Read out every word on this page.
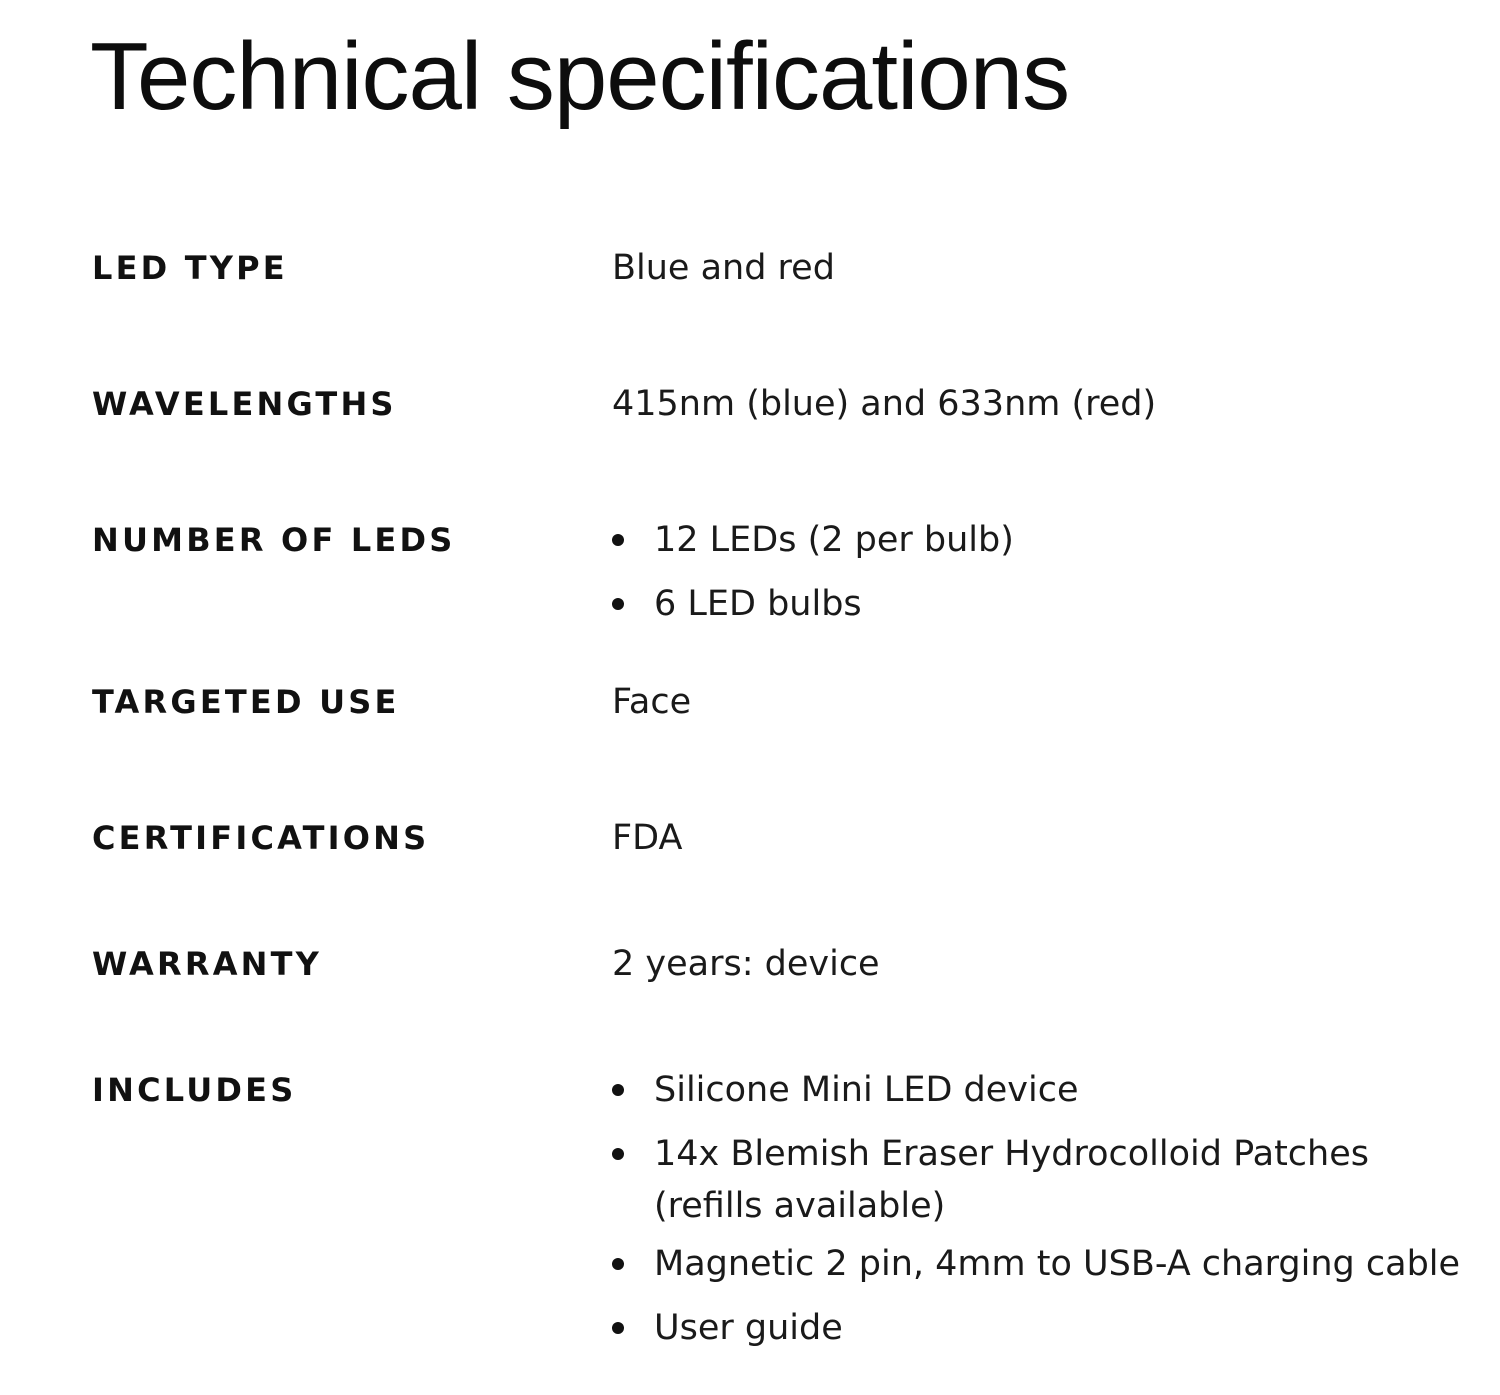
Technical specifications
LED TYPE	Blue and red
WAVELENGTHS	415nm (blue) and 633nm (red)
NUMBER OF LEDS	12 LEDs (2 per bulb)
6 LED bulbs
TARGETED USE	Face
CERTIFICATIONS	FDA
WARRANTY	2 years: device
INCLUDES	Silicone Mini LED device
14x Blemish Eraser Hydrocolloid Patches (refills available)
Magnetic 2 pin, 4mm to USB-A charging cable
User guide
